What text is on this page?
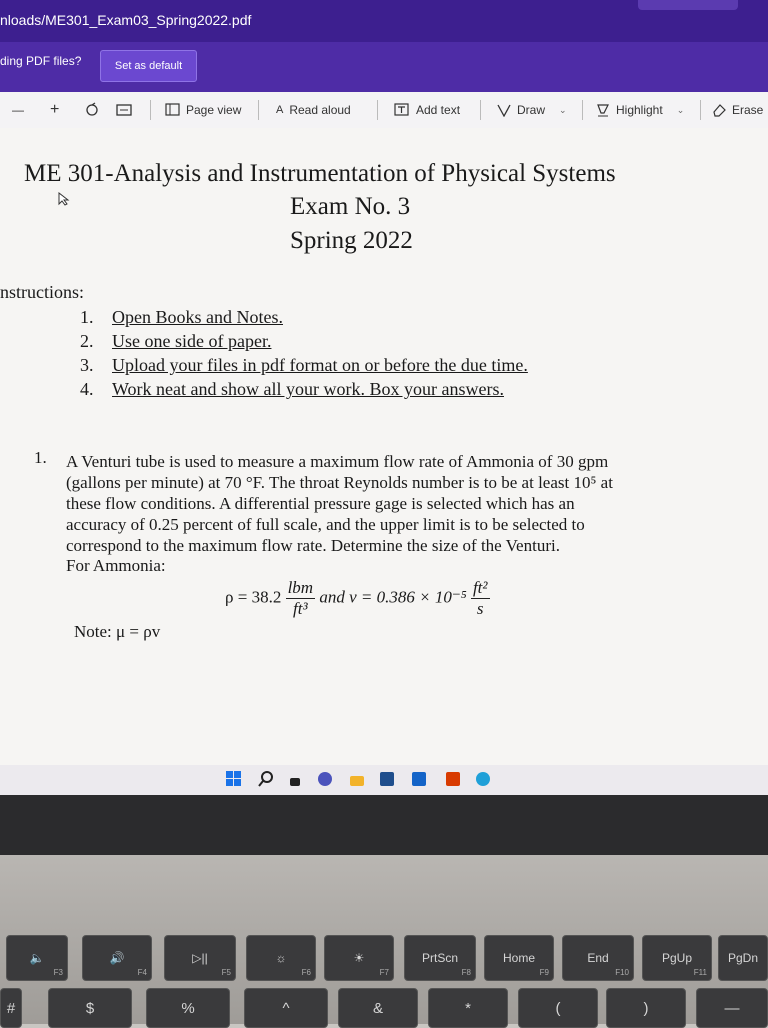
nloads/ME301_Exam03_Spring2022.pdf
ding PDF files?	Set as default
— +	Page view	A Read aloud	Add text	Draw ⌄	Highlight ⌄	Erase
ME 301-Analysis and Instrumentation of Physical Systems
Exam No. 3
Spring 2022
nstructions:
1. Open Books and Notes.
2. Use one side of paper.
3. Upload your files in pdf format on or before the due time.
4. Work neat and show all your work. Box your answers.
1. A Venturi tube is used to measure a maximum flow rate of Ammonia of 30 gpm
(gallons per minute) at 70 °F. The throat Reynolds number is to be at least 10⁵ at
these flow conditions. A differential pressure gage is selected which has an
accuracy of 0.25 percent of full scale, and the upper limit is to be selected to
correspond to the maximum flow rate. Determine the size of the Venturi.
For Ammonia:
$\rho = 38.2 \frac{\text{lbm}}{\text{ft³}}$ and $v = 0.386 \times 10^{-5} \frac{\text{ft²}}{s}$
Note: μ = ρv
🔈
F3
🔊
F4
▷||
F5
☼
F6
☀
F7
PrtScn
F8
Home
F9
End
F10
PgUp
F11
PgDn
#	$	%	^	&	*	(	)	—
